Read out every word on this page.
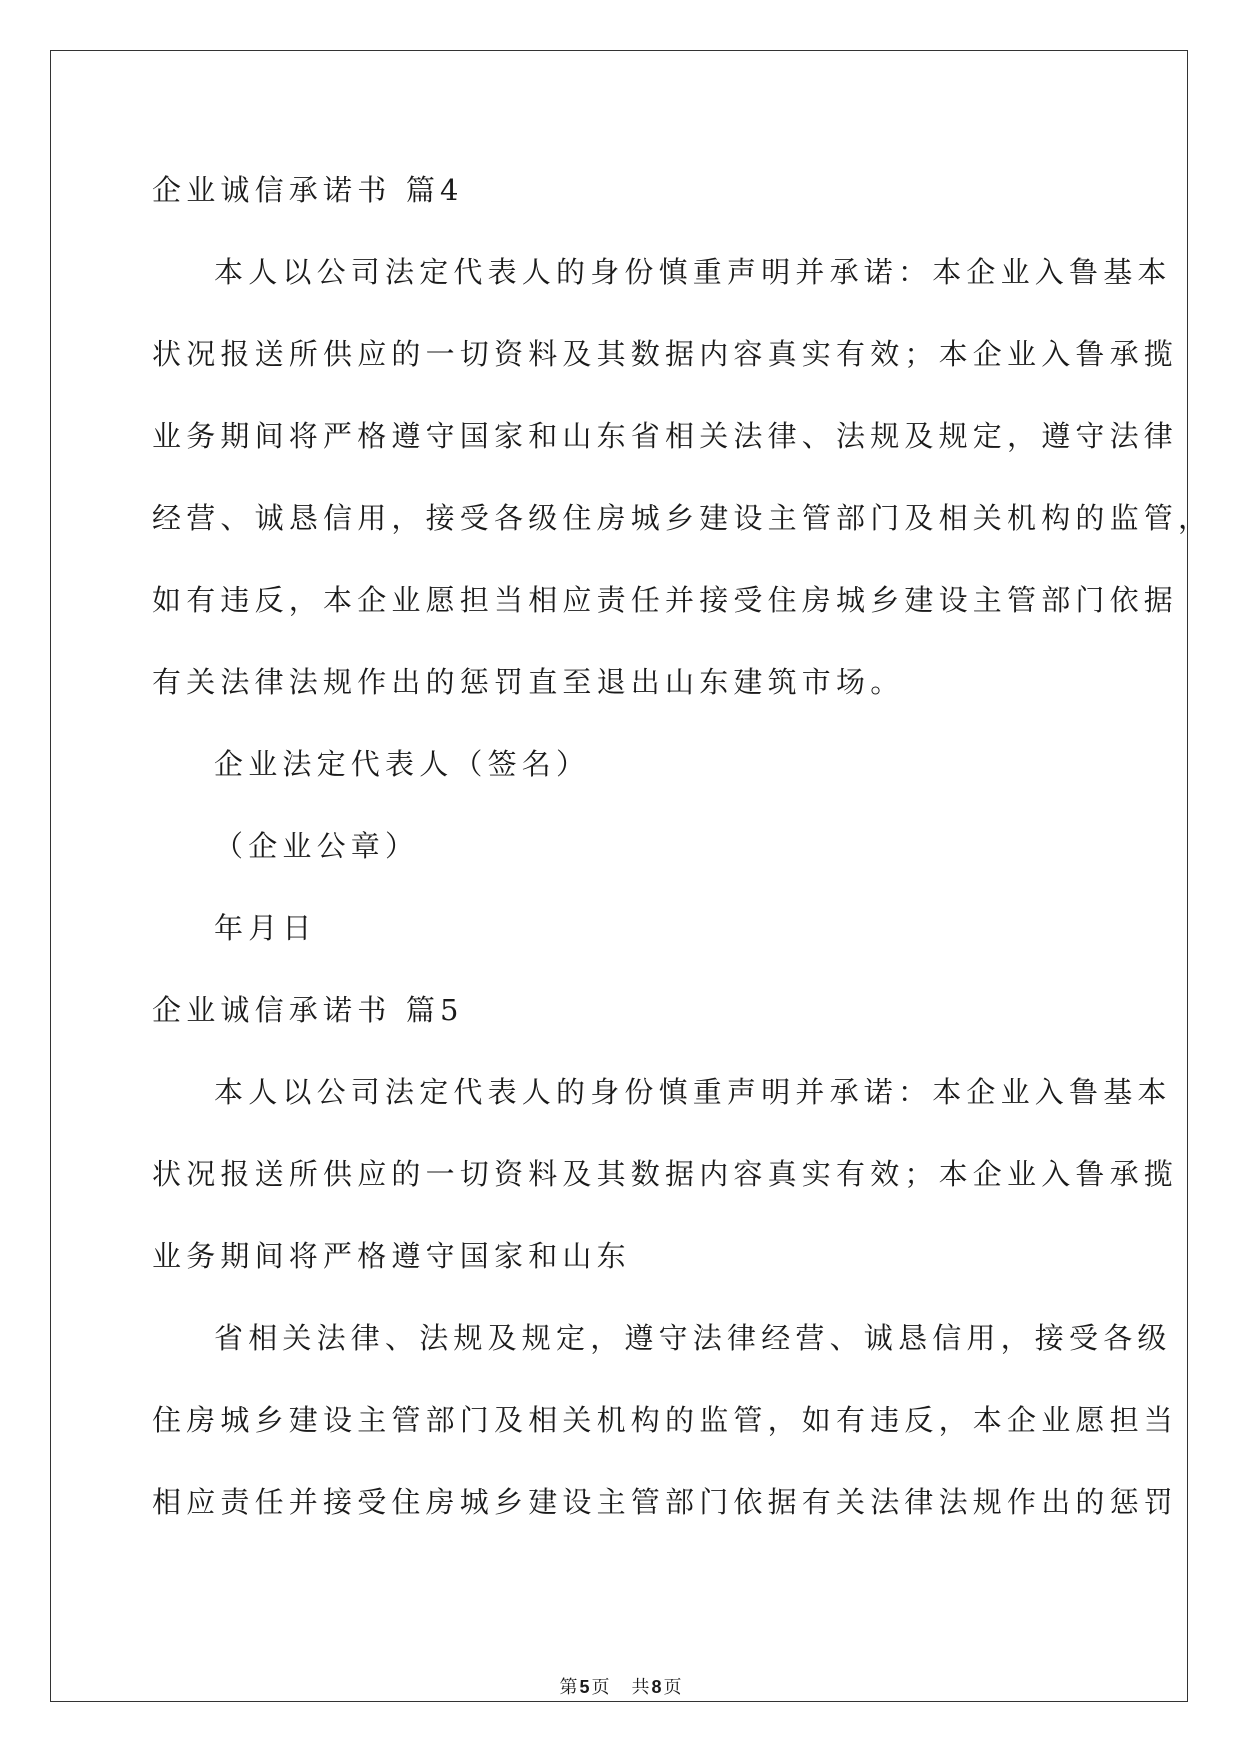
企业诚信承诺书 篇4
本人以公司法定代表人的身份慎重声明并承诺：本企业入鲁基本
状况报送所供应的一切资料及其数据内容真实有效；本企业入鲁承揽
业务期间将严格遵守国家和山东省相关法律、法规及规定，遵守法律
经营、诚恳信用，接受各级住房城乡建设主管部门及相关机构的监管，
如有违反，本企业愿担当相应责任并接受住房城乡建设主管部门依据
有关法律法规作出的惩罚直至退出山东建筑市场。
企业法定代表人（签名）
（企业公章）
年月日
企业诚信承诺书 篇5
本人以公司法定代表人的身份慎重声明并承诺：本企业入鲁基本
状况报送所供应的一切资料及其数据内容真实有效；本企业入鲁承揽
业务期间将严格遵守国家和山东
省相关法律、法规及规定，遵守法律经营、诚恳信用，接受各级
住房城乡建设主管部门及相关机构的监管，如有违反，本企业愿担当
相应责任并接受住房城乡建设主管部门依据有关法律法规作出的惩罚
第 5 页 共 8 页
